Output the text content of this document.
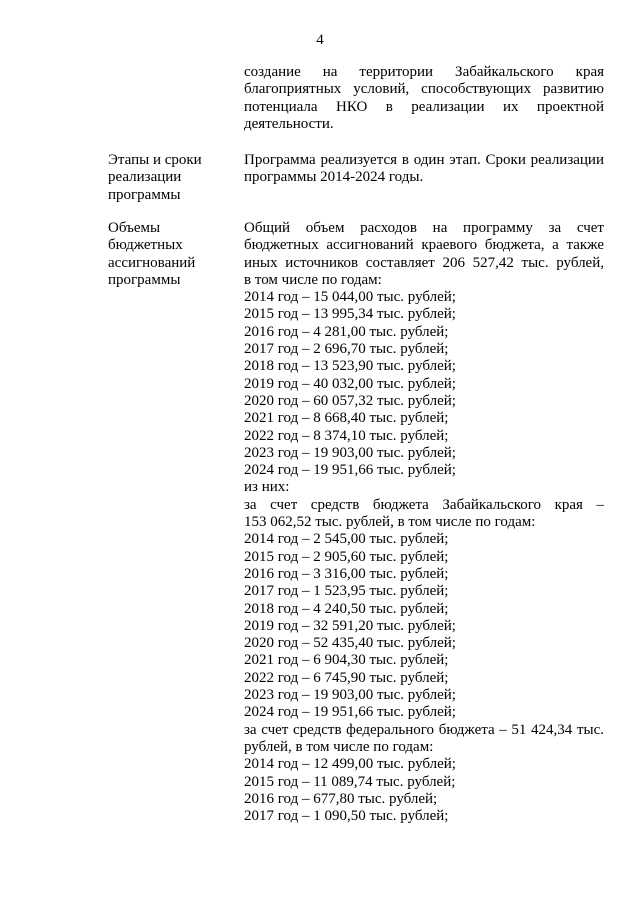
4
создание на территории Забайкальского края
благоприятных условий, способствующих развитию
потенциала НКО в реализации их проектной
деятельности.
Этапы и сроки
реализации
программы
Программа реализуется в один этап. Сроки реализации
программы 2014-2024 годы.
Объемы
бюджетных
ассигнований
программы
Общий объем расходов на программу за счет
бюджетных ассигнований краевого бюджета, а также
иных источников составляет 206 527,42 тыс. рублей,
в том числе по годам:
2014 год – 15 044,00 тыс. рублей;
2015 год – 13 995,34 тыс. рублей;
2016 год – 4 281,00 тыс. рублей;
2017 год – 2 696,70 тыс. рублей;
2018 год – 13 523,90 тыс. рублей;
2019 год – 40 032,00 тыс. рублей;
2020 год – 60 057,32 тыс. рублей;
2021 год – 8 668,40 тыс. рублей;
2022 год – 8 374,10 тыс. рублей;
2023 год – 19 903,00 тыс. рублей;
2024 год – 19 951,66 тыс. рублей;
из них:
за счет средств бюджета Забайкальского края –
153 062,52 тыс. рублей, в том числе по годам:
2014 год – 2 545,00 тыс. рублей;
2015 год – 2 905,60 тыс. рублей;
2016 год – 3 316,00 тыс. рублей;
2017 год – 1 523,95 тыс. рублей;
2018 год – 4 240,50 тыс. рублей;
2019 год – 32 591,20 тыс. рублей;
2020 год – 52 435,40 тыс. рублей;
2021 год – 6 904,30 тыс. рублей;
2022 год – 6 745,90 тыс. рублей;
2023 год – 19 903,00 тыс. рублей;
2024 год – 19 951,66 тыс. рублей;
за счет средств федерального бюджета – 51 424,34 тыс.
рублей, в том числе по годам:
2014 год – 12 499,00 тыс. рублей;
2015 год – 11 089,74 тыс. рублей;
2016 год – 677,80 тыс. рублей;
2017 год – 1 090,50 тыс. рублей;
